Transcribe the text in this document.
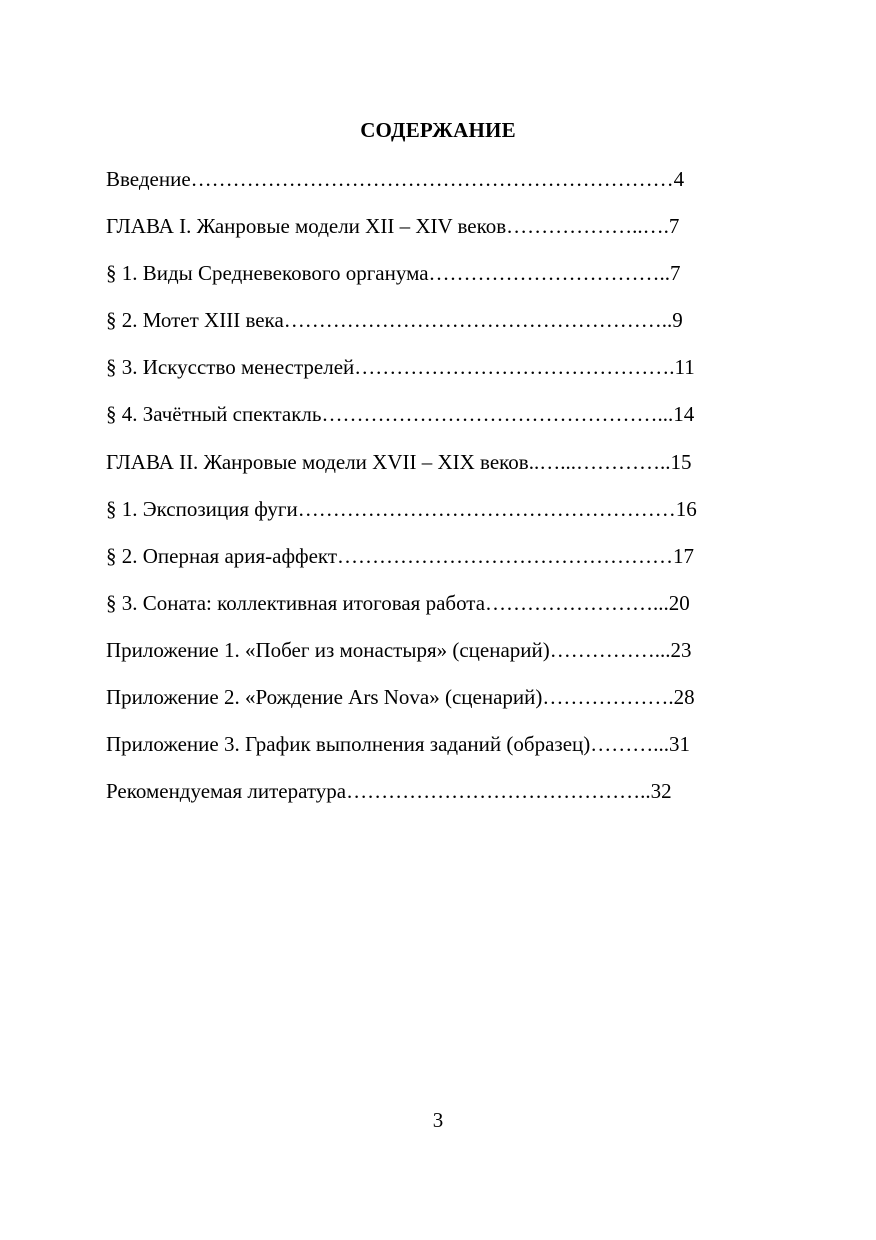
СОДЕРЖАНИЕ
Введение……………………………………………………………4
ГЛАВА I. Жанровые модели XII – XIV веков………………..….7
§ 1. Виды Средневекового органума……………………………..7
§ 2. Мотет XIII века………………………………………………..9
§ 3. Искусство менестрелей……………………………………….11
§ 4. Зачётный спектакль…………………………………………...14
ГЛАВА II. Жанровые модели XVII – XIX веков..…...…………..15
§ 1. Экспозиция фуги………………………………………………16
§ 2. Оперная ария-аффект…………………………………………17
§ 3. Соната: коллективная итоговая работа……………………...20
Приложение 1. «Побег из монастыря» (сценарий)……………...23
Приложение 2. «Рождение Ars Nova» (сценарий)……………….28
Приложение 3. График выполнения заданий (образец)………...31
Рекомендуемая литература……………………………………..32
3
